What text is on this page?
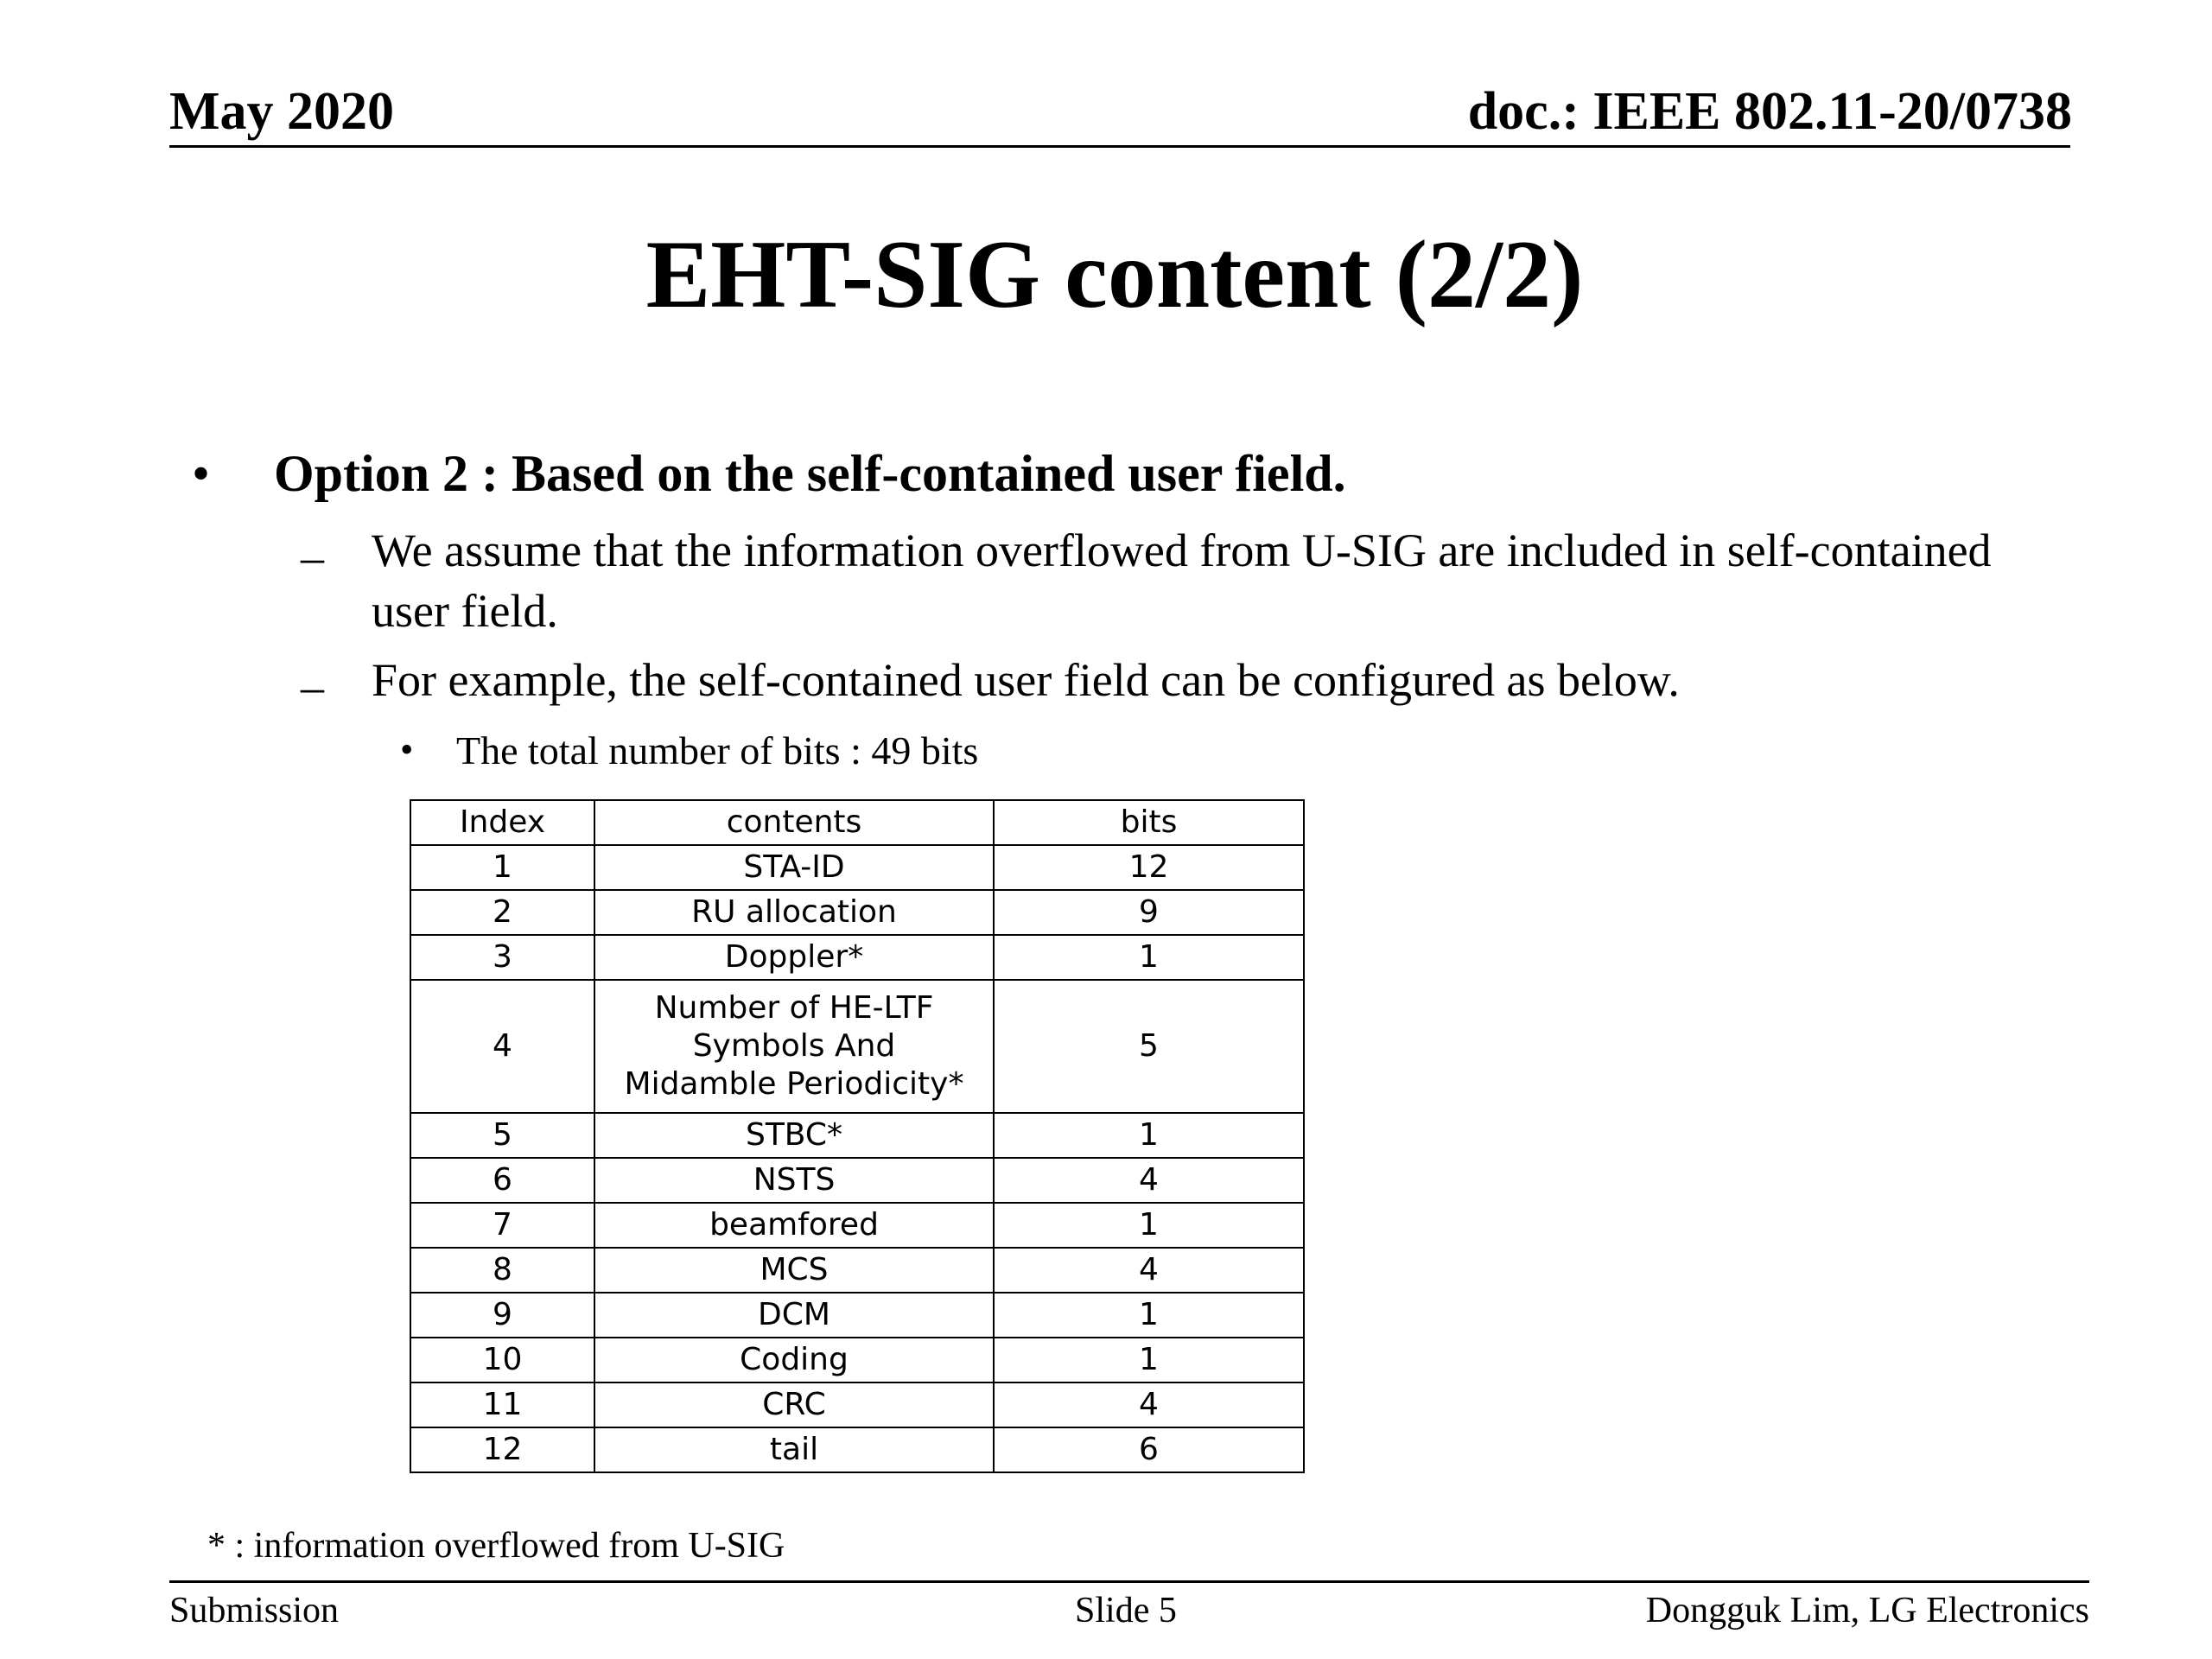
May 2020	doc.: IEEE 802.11-20/0738
EHT-SIG content (2/2)
• Option 2 : Based on the self-contained user field.
– We assume that the information overflowed from U-SIG are included in self-contained user field.
– For example, the self-contained user field can be configured as below.
• The total number of bits : 49 bits
Index	contents	bits
1	STA-ID	12
2	RU allocation	9
3	Doppler*	1
4	Number of HE-LTF
Symbols And
Midamble Periodicity*	5
5	STBC*	1
6	NSTS	4
7	beamfored	1
8	MCS	4
9	DCM	1
10	Coding	1
11	CRC	4
12	tail	6
* : information overflowed from U-SIG
Submission	Slide 5	Dongguk Lim, LG Electronics
